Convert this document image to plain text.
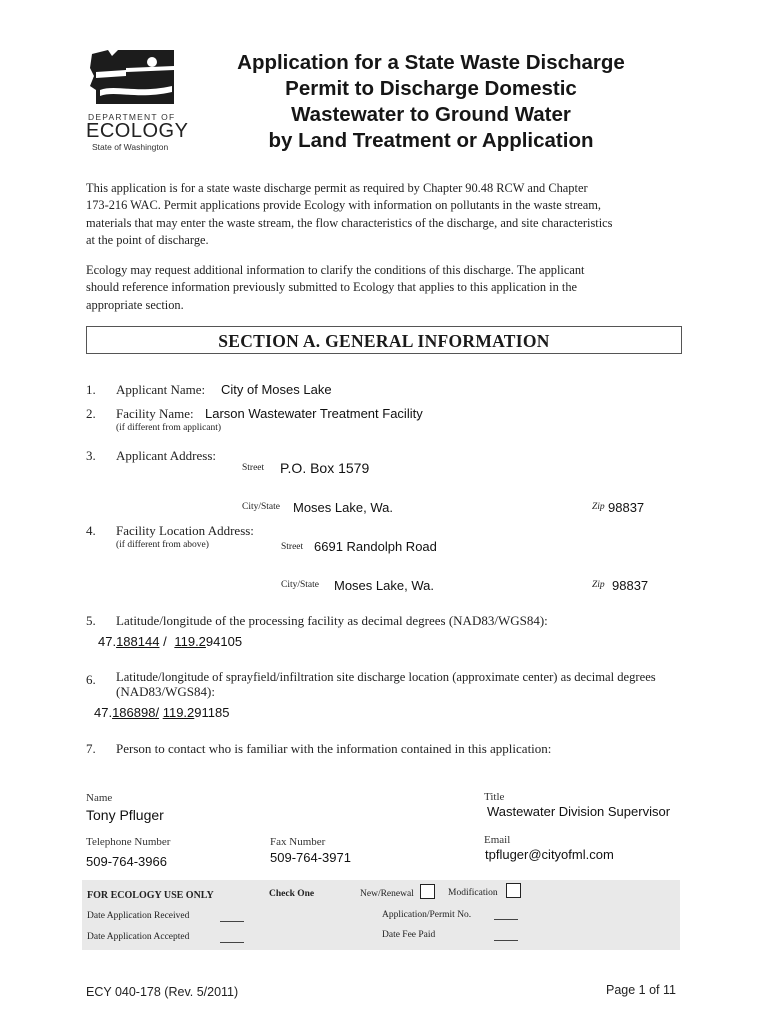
DEPARTMENT OF
ECOLOGY
State of Washington
Application for a State Waste Discharge
Permit to Discharge Domestic
Wastewater to Ground Water
by Land Treatment or Application
This application is for a state waste discharge permit as required by Chapter 90.48 RCW and Chapter
173-216 WAC. Permit applications provide Ecology with information on pollutants in the waste stream,
materials that may enter the waste stream, the flow characteristics of the discharge, and site characteristics
at the point of discharge.
Ecology may request additional information to clarify the conditions of this discharge. The applicant
should reference information previously submitted to Ecology that applies to this application in the
appropriate section.
SECTION A. GENERAL INFORMATION
1. Applicant Name: City of Moses Lake
2. Facility Name: Larson Wastewater Treatment Facility
(if different from applicant)
3. Applicant Address:
Street P.O. Box 1579
City/State Moses Lake, Wa.	Zip 98837
4. Facility Location Address:
(if different from above)	Street 6691 Randolph Road
City/State Moses Lake, Wa.	Zip 98837
5. Latitude/longitude of the processing facility as decimal degrees (NAD83/WGS84):
47.188144 / 119.294105
6. Latitude/longitude of sprayfield/infiltration site discharge location (approximate center) as decimal degrees
(NAD83/WGS84):
47.186898/ 119.291185
7. Person to contact who is familiar with the information contained in this application:
Name
Tony Pfluger
Title
Wastewater Division Supervisor
Telephone Number
509-764-3966
Fax Number
509-764-3971
Email
tpfluger@cityofml.com
FOR ECOLOGY USE ONLY	Check One	New/Renewal	Modification
Date Application Received	Application/Permit No.
Date Application Accepted	Date Fee Paid
ECY 040-178 (Rev. 5/2011)	Page 1 of 11
